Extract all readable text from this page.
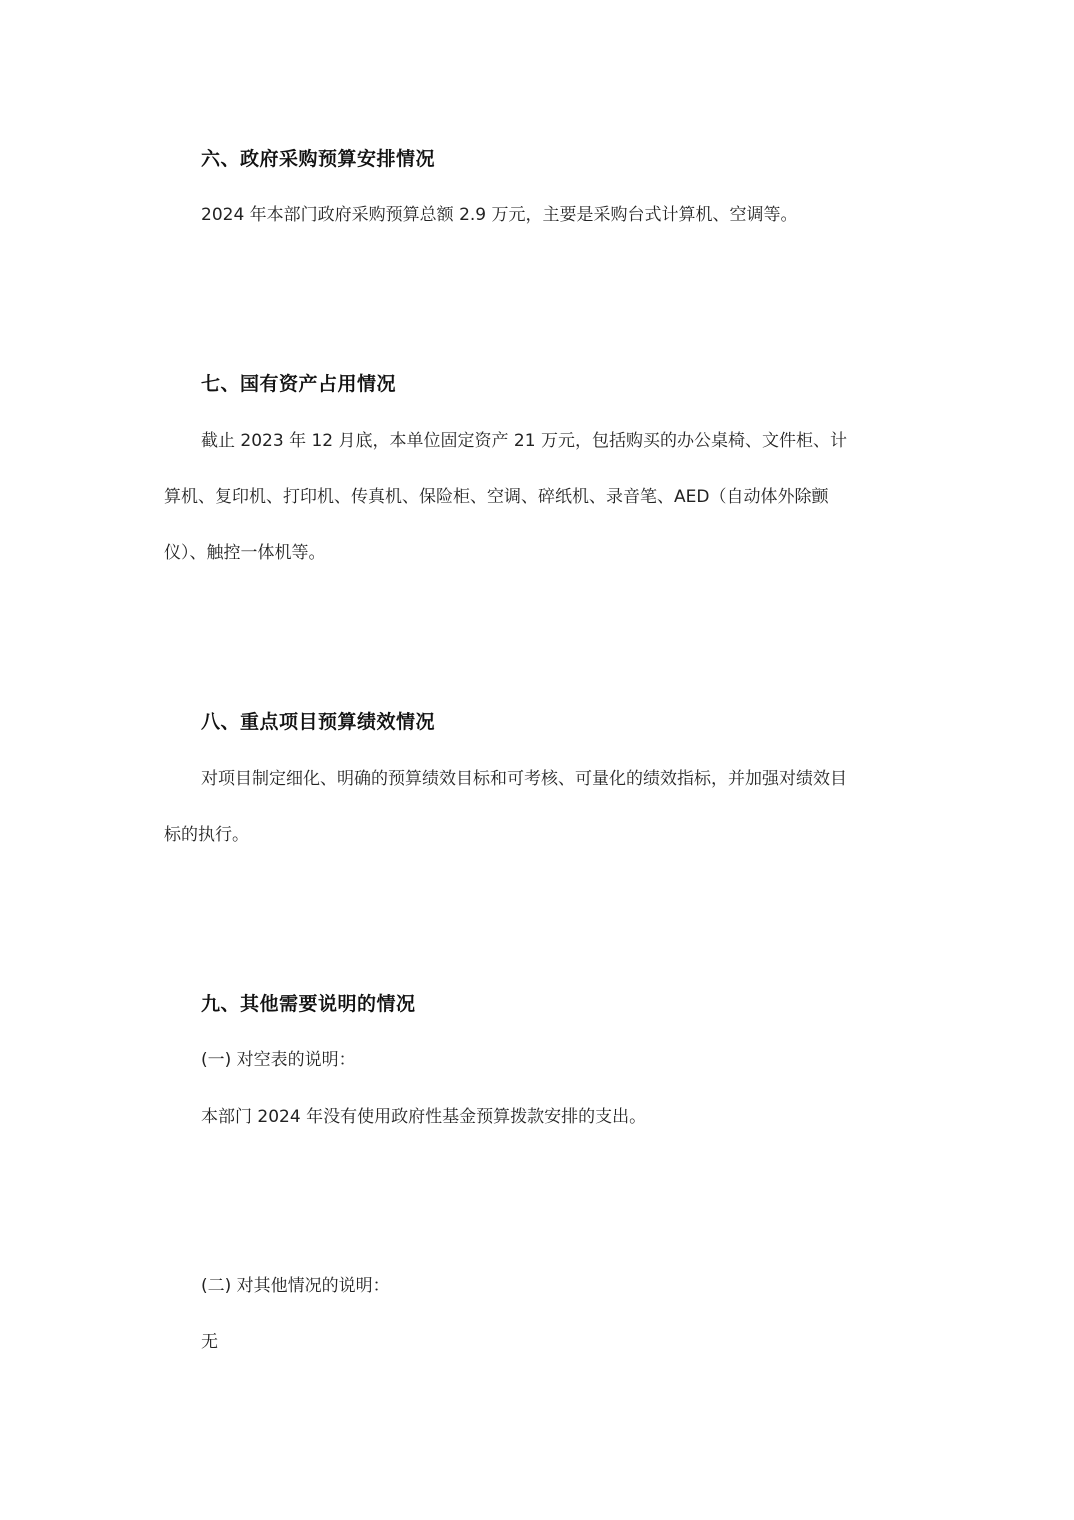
六、政府采购预算安排情况

2024 年本部门政府采购预算总额 2.9 万元，主要是采购台式计算机、空调等。

七、国有资产占用情况

截止 2023 年 12 月底，本单位固定资产 21 万元，包括购买的办公桌椅、文件柜、计

算机、复印机、打印机、传真机、保险柜、空调、碎纸机、录音笔、AED（自动体外除颤

仪）、触控一体机等。

八、重点项目预算绩效情况

对项目制定细化、明确的预算绩效目标和可考核、可量化的绩效指标，并加强对绩效目

标的执行。

九、其他需要说明的情况

(一) 对空表的说明：

本部门 2024 年没有使用政府性基金预算拨款安排的支出。

(二) 对其他情况的说明：

无
